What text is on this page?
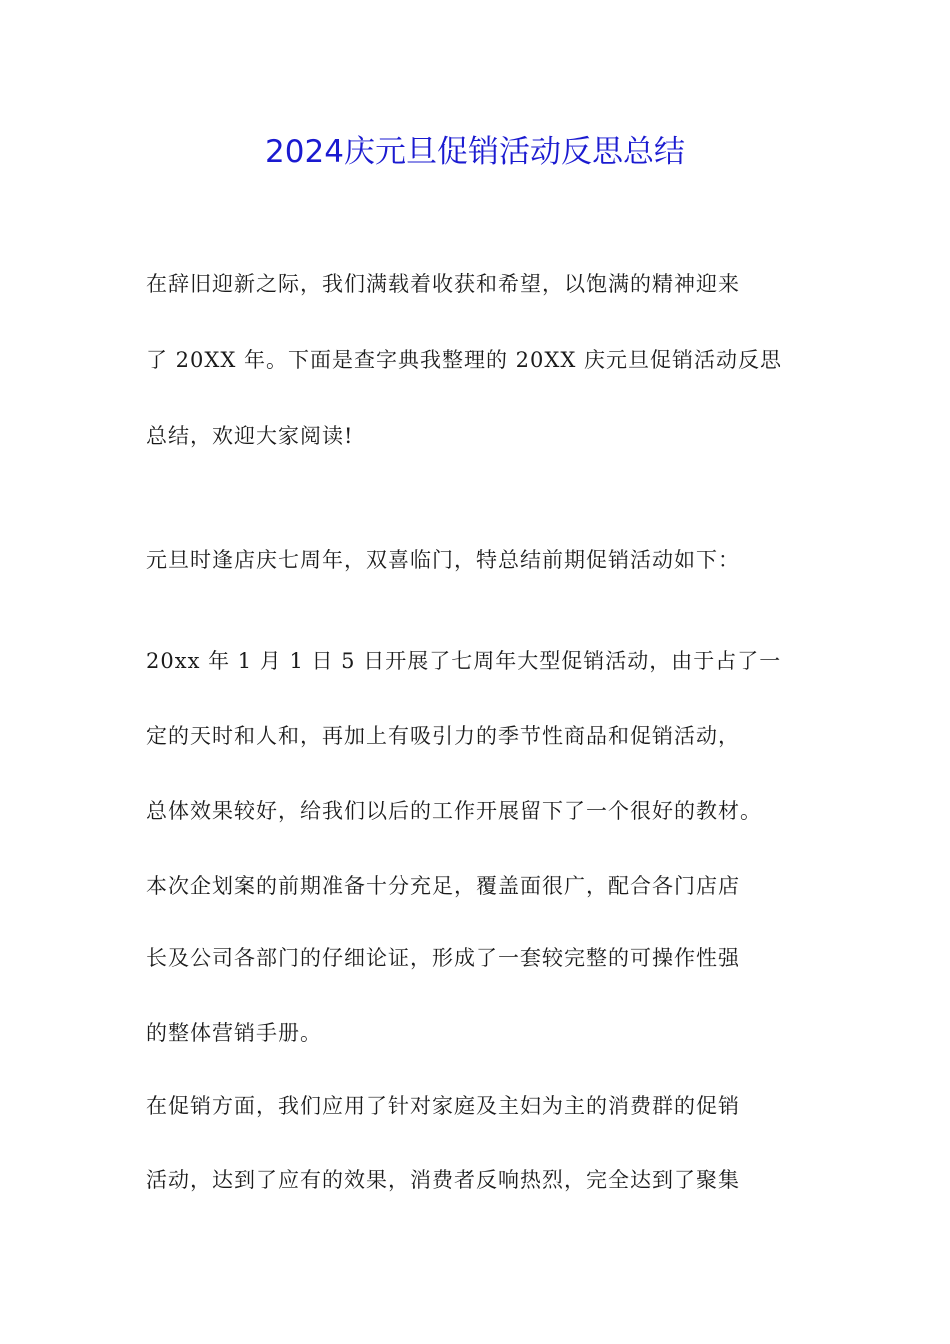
2024庆元旦促销活动反思总结
在辞旧迎新之际，我们满载着收获和希望，以饱满的精神迎来
了 20XX 年。下面是查字典我整理的 20XX 庆元旦促销活动反思
总结，欢迎大家阅读!
元旦时逢店庆七周年，双喜临门，特总结前期促销活动如下：
20xx 年 1 月 1 日 5 日开展了七周年大型促销活动，由于占了一
定的天时和人和，再加上有吸引力的季节性商品和促销活动，
总体效果较好，给我们以后的工作开展留下了一个很好的教材。
本次企划案的前期准备十分充足，覆盖面很广，配合各门店店
长及公司各部门的仔细论证，形成了一套较完整的可操作性强
的整体营销手册。
在促销方面，我们应用了针对家庭及主妇为主的消费群的促销
活动，达到了应有的效果，消费者反响热烈，完全达到了聚集
